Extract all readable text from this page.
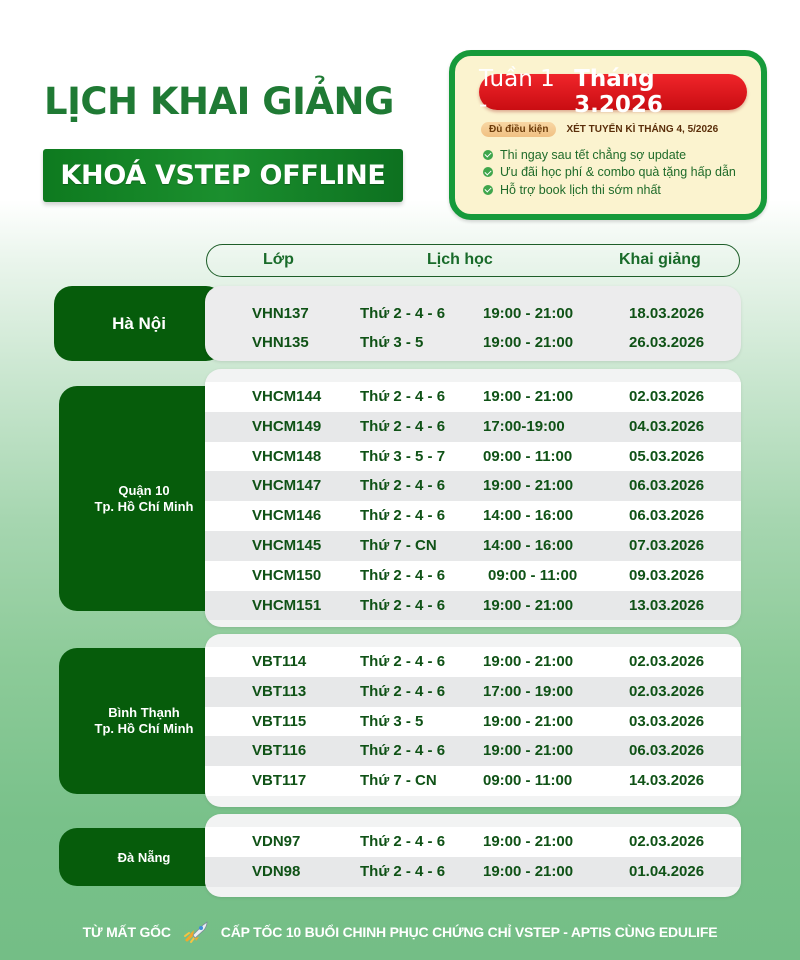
LỊCH KHAI GIẢNG
KHOÁ VSTEP OFFLINE
Tuần 1 -
Tháng 3.2026
Đủ điều kiện	XÉT TUYỂN KÌ THÁNG 4, 5/2026
Thi ngay sau tết chẳng sợ update
Ưu đãi học phí & combo quà tặng hấp dẫn
Hỗ trợ book lịch thi sớm nhất
Lớp	Lịch học	Khai giảng
Hà Nội	VHN137	Thứ 2 - 4 - 6	19:00 - 21:00	18.03.2026
VHN135	Thứ 3 - 5	19:00 - 21:00	26.03.2026
Quận 10
Tp. Hồ Chí Minh
VHCM144	Thứ 2 - 4 - 6	19:00 - 21:00	02.03.2026
VHCM149	Thứ 2 - 4 - 6	17:00-19:00	04.03.2026
VHCM148	Thứ 3 - 5 - 7	09:00 - 11:00	05.03.2026
VHCM147	Thứ 2 - 4 - 6	19:00 - 21:00	06.03.2026
VHCM146	Thứ 2 - 4 - 6	14:00 - 16:00	06.03.2026
VHCM145	Thứ 7 - CN	14:00 - 16:00	07.03.2026
VHCM150	Thứ 2 - 4 - 6	09:00 - 11:00	09.03.2026
VHCM151	Thứ 2 - 4 - 6	19:00 - 21:00	13.03.2026
Bình Thạnh
Tp. Hồ Chí Minh
VBT114	Thứ 2 - 4 - 6	19:00 - 21:00	02.03.2026
VBT113	Thứ 2 - 4 - 6	17:00 - 19:00	02.03.2026
VBT115	Thứ 3 - 5	19:00 - 21:00	03.03.2026
VBT116	Thứ 2 - 4 - 6	19:00 - 21:00	06.03.2026
VBT117	Thứ 7 - CN	09:00 - 11:00	14.03.2026
Đà Nẵng
VDN97	Thứ 2 - 4 - 6	19:00 - 21:00	02.03.2026
VDN98	Thứ 2 - 4 - 6	19:00 - 21:00	01.04.2026
TỪ MẤT GỐC	CẤP TỐC 10 BUỔI CHINH PHỤC CHỨNG CHỈ VSTEP - APTIS CÙNG EDULIFE
